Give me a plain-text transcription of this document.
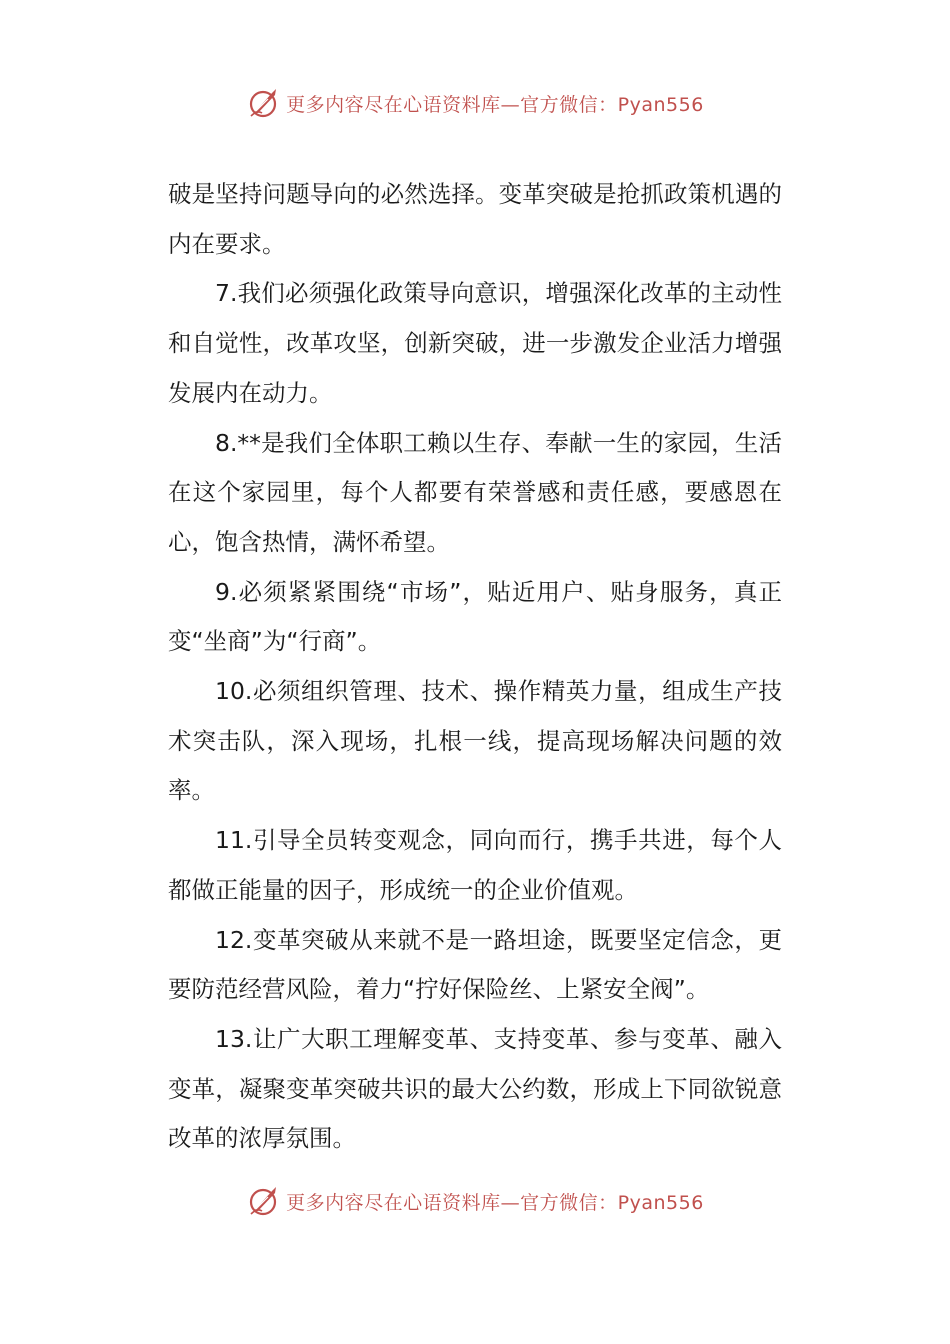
更多内容尽在心语资料库—官方微信：Pyan556

破是坚持问题导向的必然选择。变革突破是抢抓政策机遇的内在要求。

7.我们必须强化政策导向意识，增强深化改革的主动性和自觉性，改革攻坚，创新突破，进一步激发企业活力增强发展内在动力。

8.**是我们全体职工赖以生存、奉献一生的家园，生活在这个家园里，每个人都要有荣誉感和责任感，要感恩在心，饱含热情，满怀希望。

9.必须紧紧围绕“市场”，贴近用户、贴身服务，真正变“坐商”为“行商”。

10.必须组织管理、技术、操作精英力量，组成生产技术突击队，深入现场，扎根一线，提高现场解决问题的效率。

11.引导全员转变观念，同向而行，携手共进，每个人都做正能量的因子，形成统一的企业价值观。

12.变革突破从来就不是一路坦途，既要坚定信念，更要防范经营风险，着力“拧好保险丝、上紧安全阀”。

13.让广大职工理解变革、支持变革、参与变革、融入变革，凝聚变革突破共识的最大公约数，形成上下同欲锐意改革的浓厚氛围。

更多内容尽在心语资料库—官方微信：Pyan556
